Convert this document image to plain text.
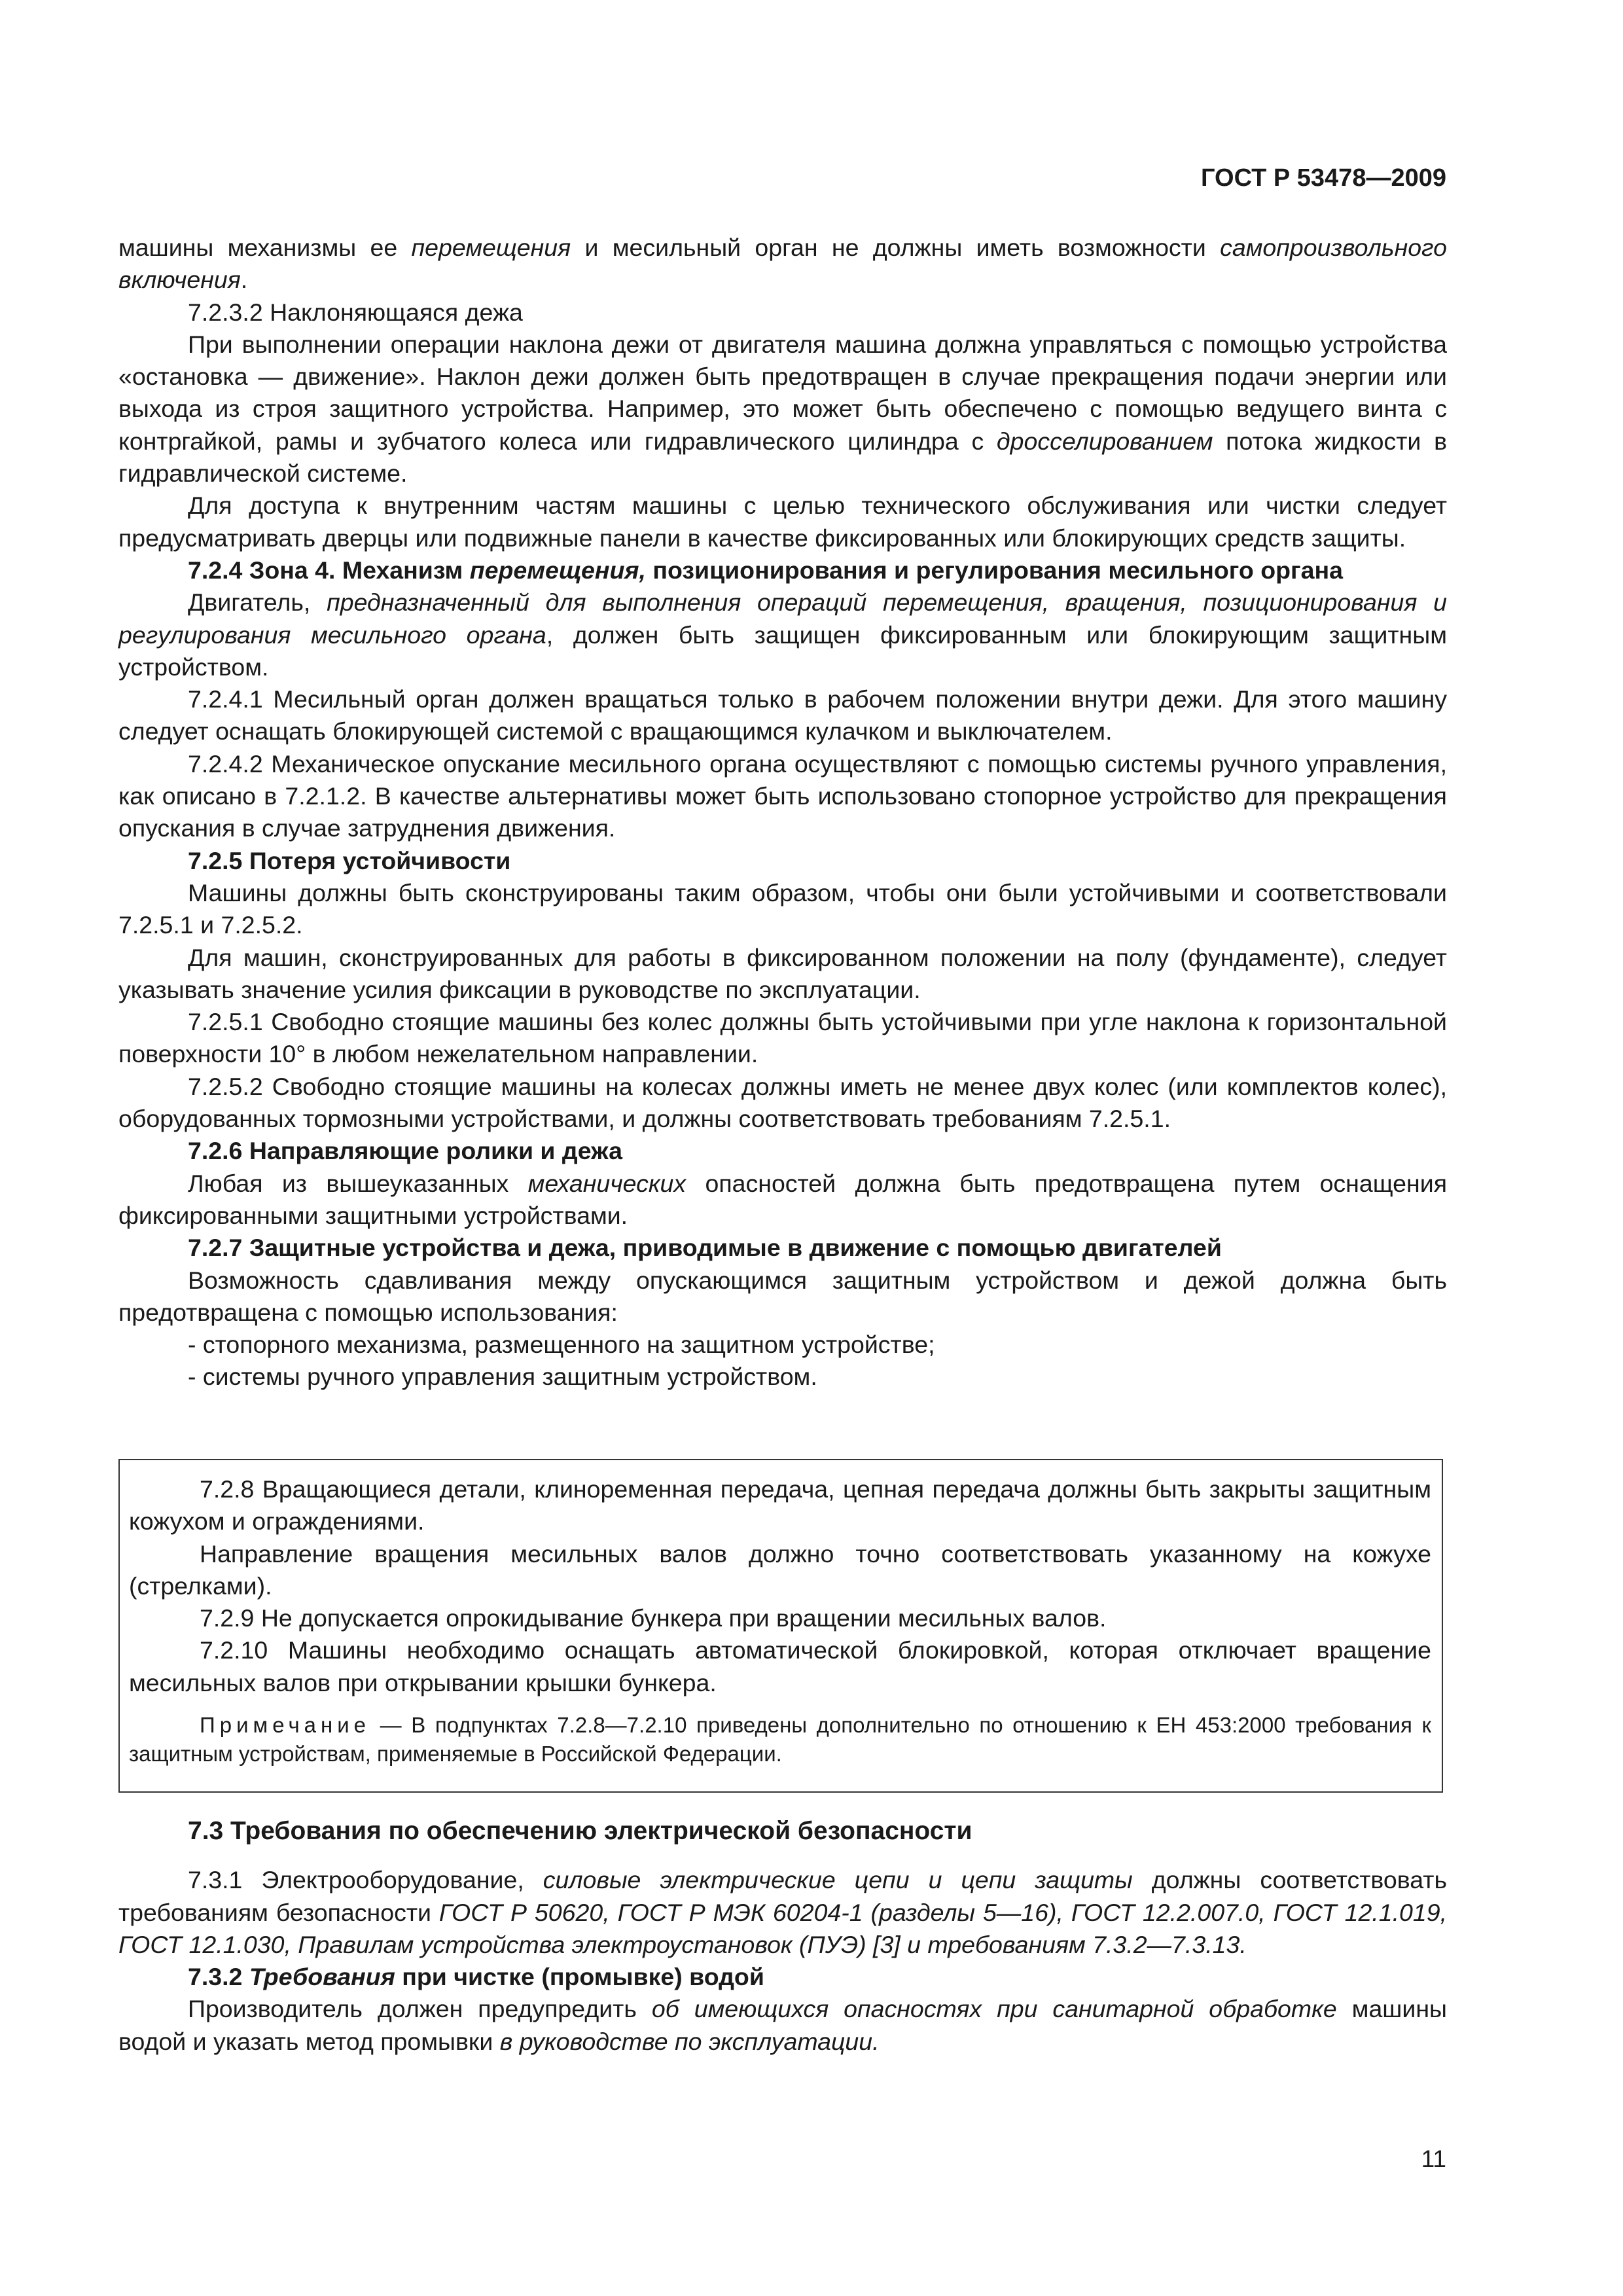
ГОСТ Р 53478—2009

машины механизмы ее перемещения и месильный орган не должны иметь возможности самопроизвольного включения.

7.2.3.2 Наклоняющаяся дежа

При выполнении операции наклона дежи от двигателя машина должна управляться с помощью устройства «остановка — движение». Наклон дежи должен быть предотвращен в случае прекращения подачи энергии или выхода из строя защитного устройства. Например, это может быть обеспечено с помощью ведущего винта с контргайкой, рамы и зубчатого колеса или гидравлического цилиндра с дросселированием потока жидкости в гидравлической системе.

Для доступа к внутренним частям машины с целью технического обслуживания или чистки следует предусматривать дверцы или подвижные панели в качестве фиксированных или блокирующих средств защиты.

7.2.4 Зона 4. Механизм перемещения, позиционирования и регулирования месильного органа

Двигатель, предназначенный для выполнения операций перемещения, вращения, позиционирования и регулирования месильного органа, должен быть защищен фиксированным или блокирующим защитным устройством.

7.2.4.1 Месильный орган должен вращаться только в рабочем положении внутри дежи. Для этого машину следует оснащать блокирующей системой с вращающимся кулачком и выключателем.

7.2.4.2 Механическое опускание месильного органа осуществляют с помощью системы ручного управления, как описано в 7.2.1.2. В качестве альтернативы может быть использовано стопорное устройство для прекращения опускания в случае затруднения движения.

7.2.5 Потеря устойчивости

Машины должны быть сконструированы таким образом, чтобы они были устойчивыми и соответствовали 7.2.5.1 и 7.2.5.2.

Для машин, сконструированных для работы в фиксированном положении на полу (фундаменте), следует указывать значение усилия фиксации в руководстве по эксплуатации.

7.2.5.1 Свободно стоящие машины без колес должны быть устойчивыми при угле наклона к горизонтальной поверхности 10° в любом нежелательном направлении.

7.2.5.2 Свободно стоящие машины на колесах должны иметь не менее двух колес (или комплектов колес), оборудованных тормозными устройствами, и должны соответствовать требованиям 7.2.5.1.

7.2.6 Направляющие ролики и дежа

Любая из вышеуказанных механических опасностей должна быть предотвращена путем оснащения фиксированными защитными устройствами.

7.2.7 Защитные устройства и дежа, приводимые в движение с помощью двигателей

Возможность сдавливания между опускающимся защитным устройством и дежой должна быть предотвращена с помощью использования:

- стопорного механизма, размещенного на защитном устройстве;

- системы ручного управления защитным устройством.

7.2.8 Вращающиеся детали, клиноременная передача, цепная передача должны быть закрыты защитным кожухом и ограждениями.

Направление вращения месильных валов должно точно соответствовать указанному на кожухе (стрелками).

7.2.9 Не допускается опрокидывание бункера при вращении месильных валов.

7.2.10 Машины необходимо оснащать автоматической блокировкой, которая отключает вращение месильных валов при открывании крышки бункера.

Примечание — В подпунктах 7.2.8—7.2.10 приведены дополнительно по отношению к ЕН 453:2000 требования к защитным устройствам, применяемые в Российской Федерации.

7.3 Требования по обеспечению электрической безопасности

7.3.1 Электрооборудование, силовые электрические цепи и цепи защиты должны соответствовать требованиям безопасности ГОСТ Р 50620, ГОСТ Р МЭК 60204-1 (разделы 5—16), ГОСТ 12.2.007.0, ГОСТ 12.1.019, ГОСТ 12.1.030, Правилам устройства электроустановок (ПУЭ) [3] и требованиям 7.3.2—7.3.13.

7.3.2 Требования при чистке (промывке) водой

Производитель должен предупредить об имеющихся опасностях при санитарной обработке машины водой и указать метод промывки в руководстве по эксплуатации.

11
